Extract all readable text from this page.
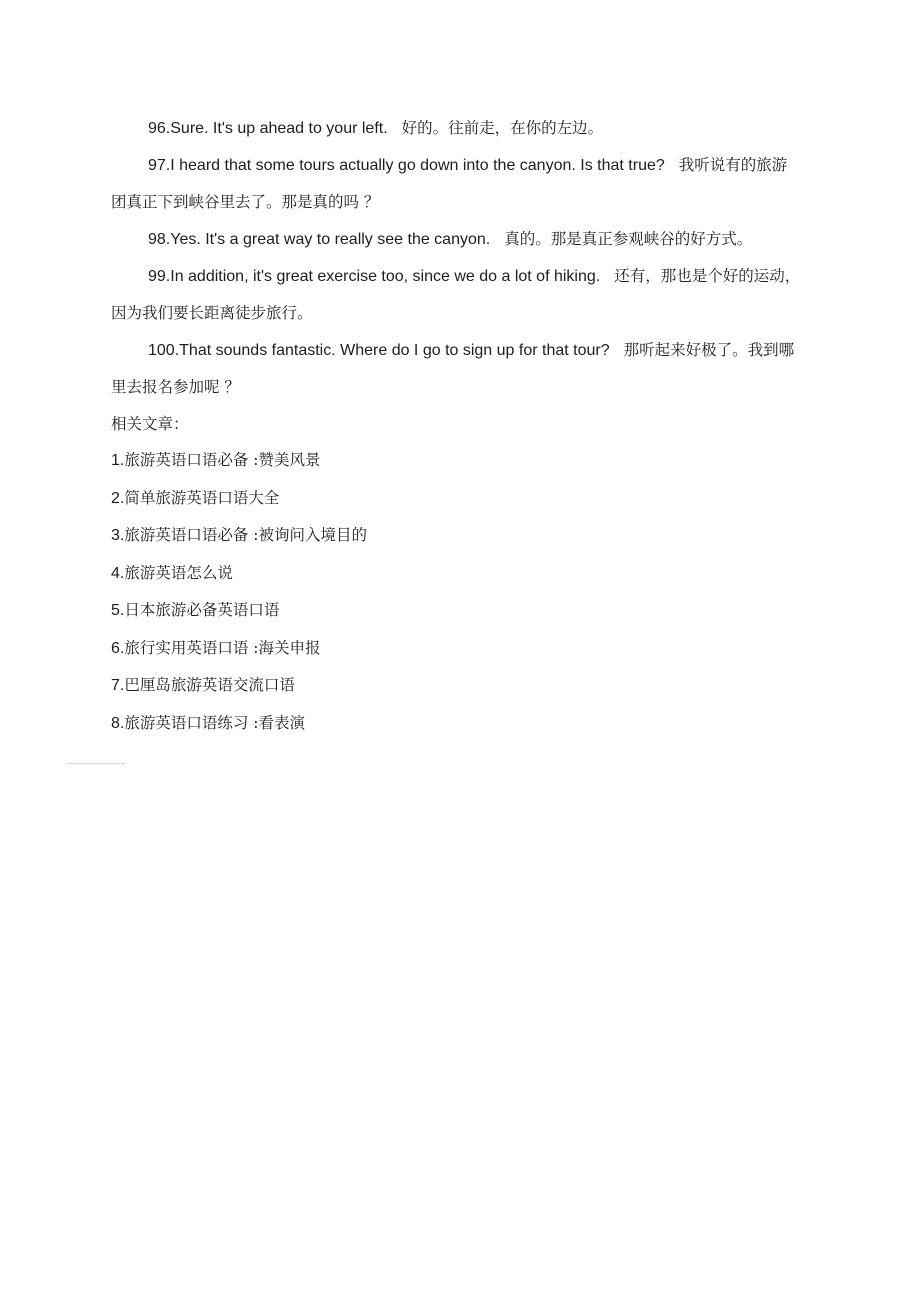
96.Sure. It's up ahead to your left. 好的。往前走，在你的左边。

97.I heard that some tours actually go down into the canyon. Is that true? 我听说有的旅游团真正下到峡谷里去了。那是真的吗 ？

98.Yes. It's a great way to really see the canyon. 真的。那是真正参观峡谷的好方式。

99.In addition, it's great exercise too, since we do a lot of hiking. 还有，那也是个好的运动，因为我们要长距离徒步旅行。

100.That sounds fantastic. Where do I go to sign up for that tour? 那听起来好极了。我到哪里去报名参加呢 ？

相关文章：

1.旅游英语口语必备 :赞美风景
2.简单旅游英语口语大全
3.旅游英语口语必备 :被询问入境目的
4.旅游英语怎么说
5.日本旅游必备英语口语
6.旅行实用英语口语 :海关申报
7.巴厘岛旅游英语交流口语
8.旅游英语口语练习 :看表演
